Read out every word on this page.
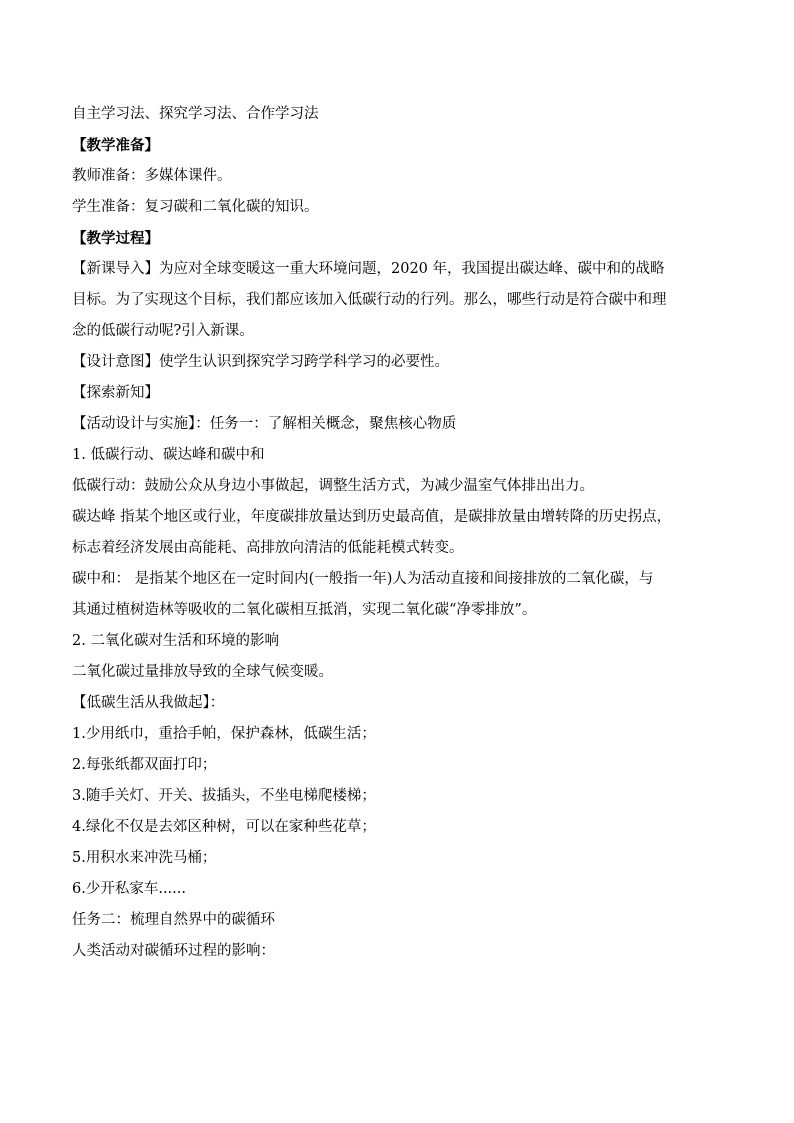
自主学习法、探究学习法、合作学习法
【教学准备】
教师准备：多媒体课件。
学生准备：复习碳和二氧化碳的知识。
【教学过程】
【新课导入】为应对全球变暖这一重大环境问题，2020 年，我国提出碳达峰、碳中和的战略
目标。为了实现这个目标，我们都应该加入低碳行动的行列。那么，哪些行动是符合碳中和理
念的低碳行动呢?引入新课。
【设计意图】使学生认识到探究学习跨学科学习的必要性。
【探索新知】
【活动设计与实施】：任务一：了解相关概念，聚焦核心物质
1. 低碳行动、碳达峰和碳中和
低碳行动：鼓励公众从身边小事做起，调整生活方式，为减少温室气体排出出力。
碳达峰 指某个地区或行业，年度碳排放量达到历史最高值，是碳排放量由增转降的历史拐点，
标志着经济发展由高能耗、高排放向清洁的低能耗模式转变。
碳中和： 是指某个地区在一定时间内(一般指一年)人为活动直接和间接排放的二氧化碳，与
其通过植树造林等吸收的二氧化碳相互抵消，实现二氧化碳“净零排放”。
2. 二氧化碳对生活和环境的影响
二氧化碳过量排放导致的全球气候变暖。
【低碳生活从我做起】：
1.少用纸巾，重拾手帕，保护森林，低碳生活；
2.每张纸都双面打印；
3.随手关灯、开关、拔插头，不坐电梯爬楼梯；
4.绿化不仅是去郊区种树，可以在家种些花草；
5.用积水来冲洗马桶；
6.少开私家车......
任务二：梳理自然界中的碳循环
人类活动对碳循环过程的影响：
